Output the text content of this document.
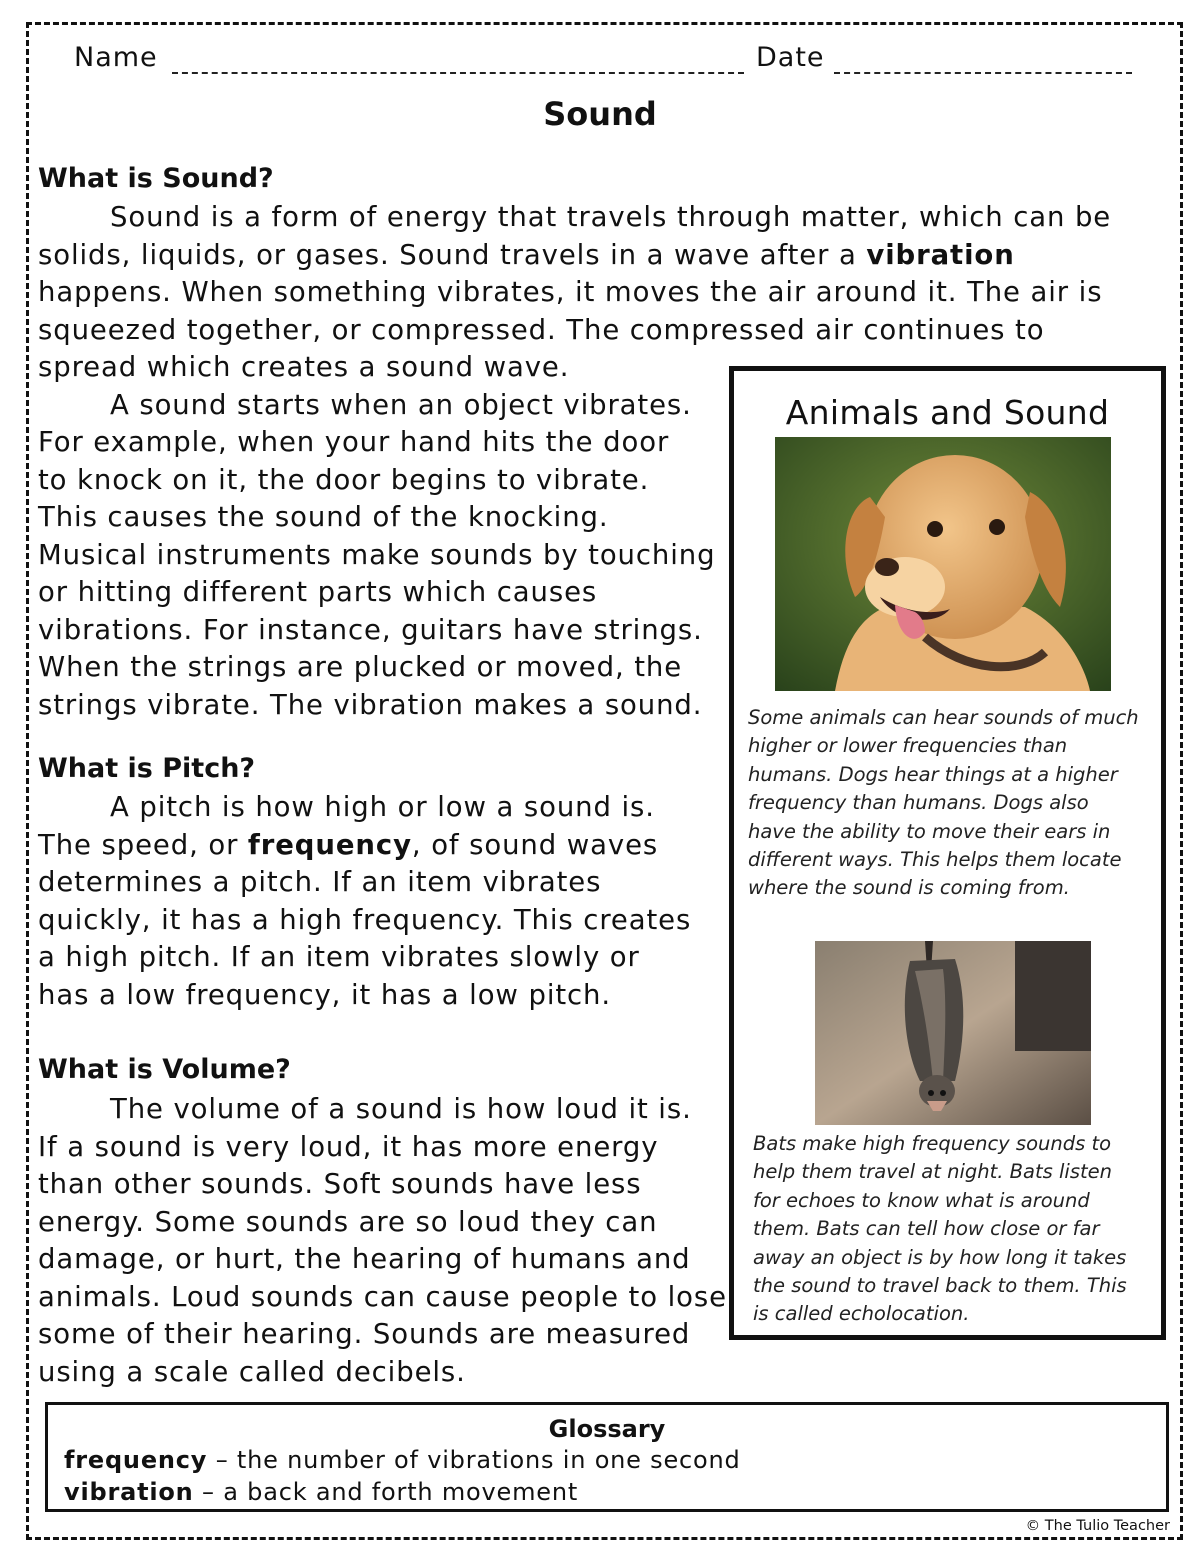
Name	Date
Sound
What is Sound?
Sound is a form of energy that travels through matter, which can be
solids, liquids, or gases. Sound travels in a wave after a vibration
happens. When something vibrates, it moves the air around it. The air is
squeezed together, or compressed. The compressed air continues to
spread which creates a sound wave.
A sound starts when an object vibrates.
For example, when your hand hits the door
to knock on it, the door begins to vibrate.
This causes the sound of the knocking.
Musical instruments make sounds by touching
or hitting different parts which causes
vibrations. For instance, guitars have strings.
When the strings are plucked or moved, the
strings vibrate. The vibration makes a sound.
What is Pitch?
A pitch is how high or low a sound is.
The speed, or frequency, of sound waves
determines a pitch. If an item vibrates
quickly, it has a high frequency. This creates
a high pitch. If an item vibrates slowly or
has a low frequency, it has a low pitch.
What is Volume?
The volume of a sound is how loud it is.
If a sound is very loud, it has more energy
than other sounds. Soft sounds have less
energy. Some sounds are so loud they can
damage, or hurt, the hearing of humans and
animals. Loud sounds can cause people to lose
some of their hearing. Sounds are measured
using a scale called decibels.
Animals and Sound
Some animals can hear sounds of much
higher or lower frequencies than
humans. Dogs hear things at a higher
frequency than humans. Dogs also
have the ability to move their ears in
different ways. This helps them locate
where the sound is coming from.
Bats make high frequency sounds to
help them travel at night. Bats listen
for echoes to know what is around
them. Bats can tell how close or far
away an object is by how long it takes
the sound to travel back to them. This
is called echolocation.
Glossary
frequency – the number of vibrations in one second
vibration – a back and forth movement
© The Tulio Teacher
